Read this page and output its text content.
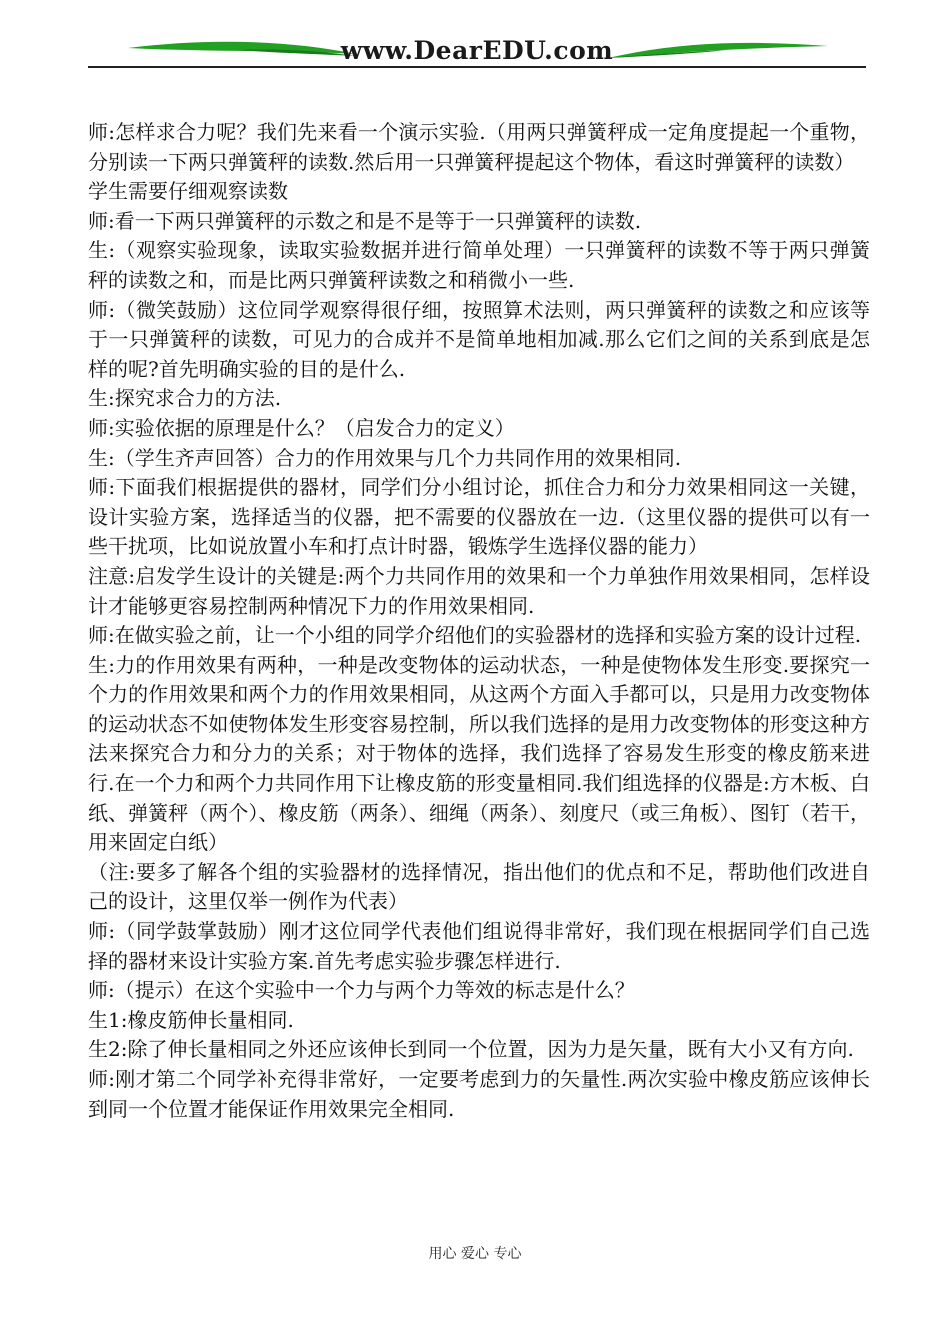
www.DearEDU.com

师:怎样求合力呢？我们先来看一个演示实验.（用两只弹簧秤成一定角度提起一个重物，分别读一下两只弹簧秤的读数.然后用一只弹簧秤提起这个物体，看这时弹簧秤的读数）

学生需要仔细观察读数

师:看一下两只弹簧秤的示数之和是不是等于一只弹簧秤的读数.

生:（观察实验现象，读取实验数据并进行简单处理）一只弹簧秤的读数不等于两只弹簧秤的读数之和，而是比两只弹簧秤读数之和稍微小一些.

师:（微笑鼓励）这位同学观察得很仔细，按照算术法则，两只弹簧秤的读数之和应该等于一只弹簧秤的读数，可见力的合成并不是简单地相加减.那么它们之间的关系到底是怎样的呢?首先明确实验的目的是什么.

生:探究求合力的方法.

师:实验依据的原理是什么？（启发合力的定义）

生:（学生齐声回答）合力的作用效果与几个力共同作用的效果相同.

师:下面我们根据提供的器材，同学们分小组讨论，抓住合力和分力效果相同这一关键，设计实验方案，选择适当的仪器，把不需要的仪器放在一边.（这里仪器的提供可以有一些干扰项，比如说放置小车和打点计时器，锻炼学生选择仪器的能力）

注意:启发学生设计的关键是:两个力共同作用的效果和一个力单独作用效果相同，怎样设计才能够更容易控制两种情况下力的作用效果相同.

师:在做实验之前，让一个小组的同学介绍他们的实验器材的选择和实验方案的设计过程.

生:力的作用效果有两种，一种是改变物体的运动状态，一种是使物体发生形变.要探究一个力的作用效果和两个力的作用效果相同，从这两个方面入手都可以，只是用力改变物体的运动状态不如使物体发生形变容易控制，所以我们选择的是用力改变物体的形变这种方法来探究合力和分力的关系；对于物体的选择，我们选择了容易发生形变的橡皮筋来进行.在一个力和两个力共同作用下让橡皮筋的形变量相同.我们组选择的仪器是:方木板、白纸、弹簧秤（两个）、橡皮筋（两条）、细绳（两条）、刻度尺（或三角板）、图钉（若干，用来固定白纸）

（注:要多了解各个组的实验器材的选择情况，指出他们的优点和不足，帮助他们改进自己的设计，这里仅举一例作为代表）

师:（同学鼓掌鼓励）刚才这位同学代表他们组说得非常好，我们现在根据同学们自己选择的器材来设计实验方案.首先考虑实验步骤怎样进行.

师:（提示）在这个实验中一个力与两个力等效的标志是什么？

生1:橡皮筋伸长量相同.

生2:除了伸长量相同之外还应该伸长到同一个位置，因为力是矢量，既有大小又有方向.

师:刚才第二个同学补充得非常好，一定要考虑到力的矢量性.两次实验中橡皮筋应该伸长到同一个位置才能保证作用效果完全相同.

用心 爱心 专心
